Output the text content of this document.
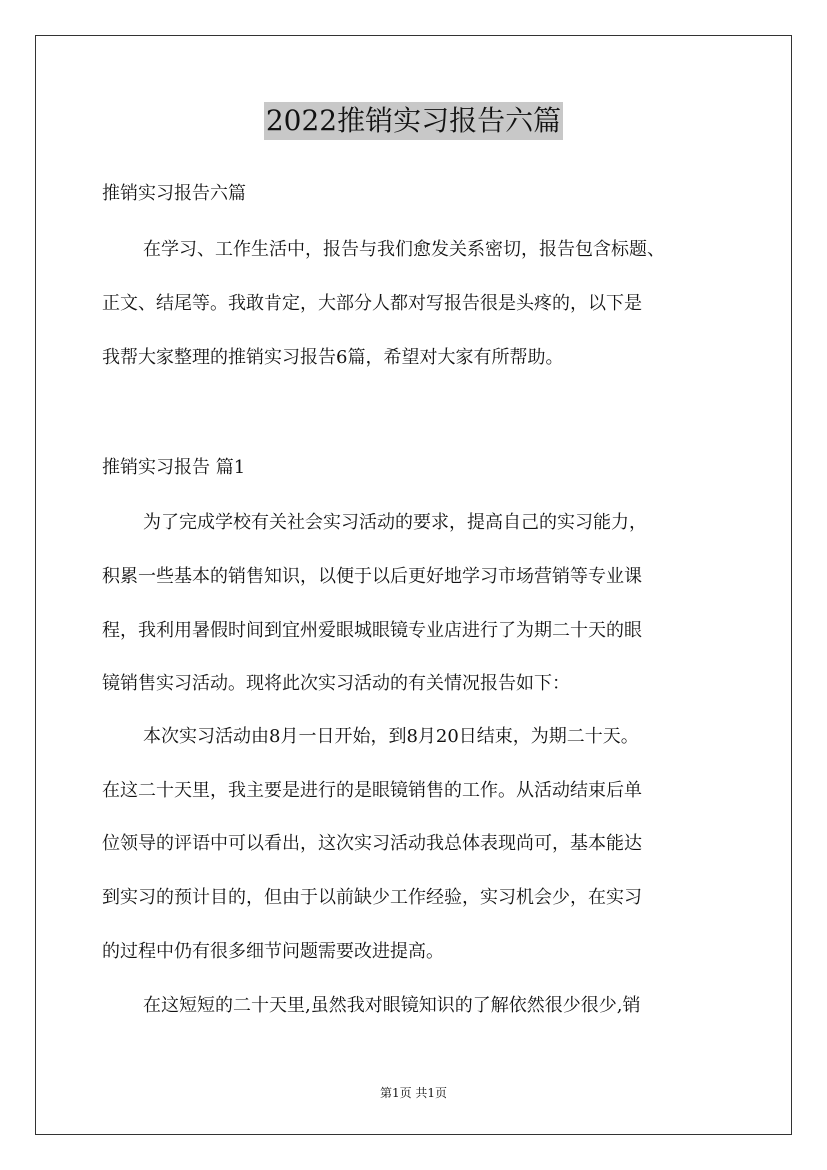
2022推销实习报告六篇
推销实习报告六篇
在学习、工作生活中，报告与我们愈发关系密切，报告包含标题、
正文、结尾等。我敢肯定，大部分人都对写报告很是头疼的，以下是
我帮大家整理的推销实习报告6篇，希望对大家有所帮助。
推销实习报告 篇1
为了完成学校有关社会实习活动的要求，提高自己的实习能力，
积累一些基本的销售知识，以便于以后更好地学习市场营销等专业课
程，我利用暑假时间到宜州爱眼城眼镜专业店进行了为期二十天的眼
镜销售实习活动。现将此次实习活动的有关情况报告如下：
本次实习活动由8月一日开始，到8月20日结束，为期二十天。
在这二十天里，我主要是进行的是眼镜销售的工作。从活动结束后单
位领导的评语中可以看出，这次实习活动我总体表现尚可，基本能达
到实习的预计目的，但由于以前缺少工作经验，实习机会少，在实习
的过程中仍有很多细节问题需要改进提高。
在这短短的二十天里,虽然我对眼镜知识的了解依然很少很少,销
第1页 共1页
